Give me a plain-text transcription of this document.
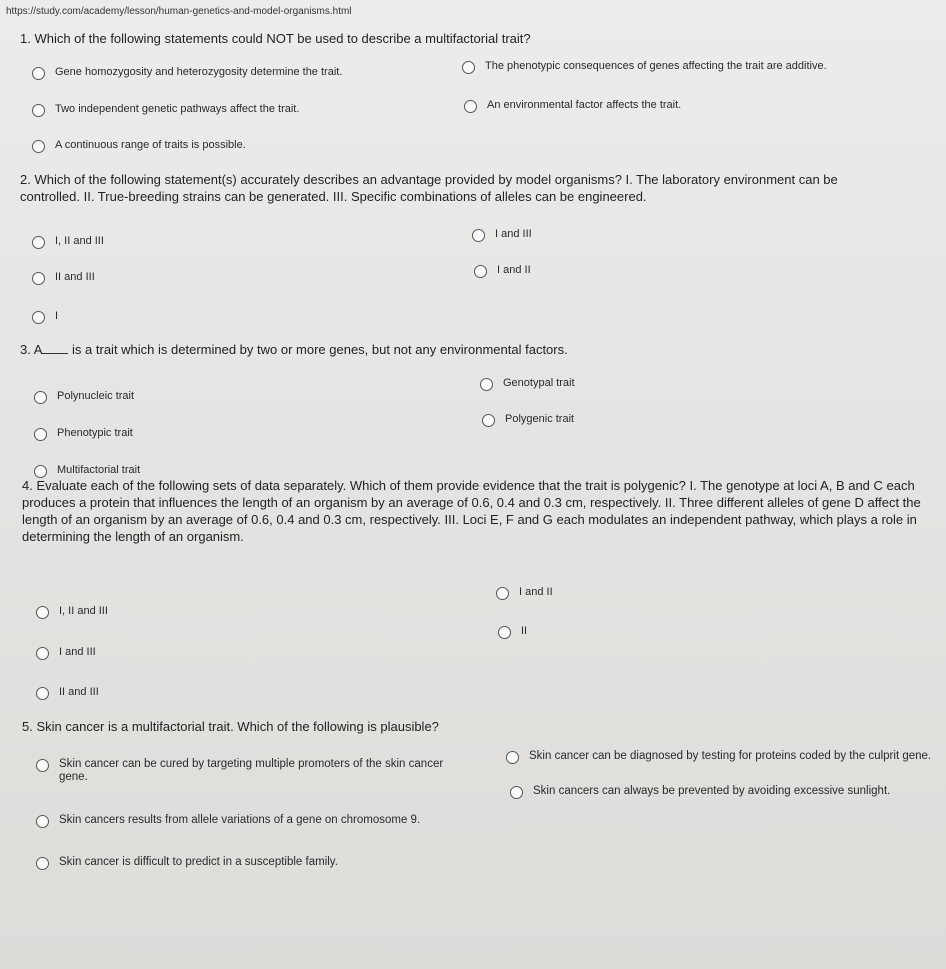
https://study.com/academy/lesson/human-genetics-and-model-organisms.html

1. Which of the following statements could NOT be used to describe a multifactorial trait?

Gene homozygosity and heterozygosity determine the trait.	The phenotypic consequences of genes affecting the trait are additive.
Two independent genetic pathways affect the trait.	An environmental factor affects the trait.
A continuous range of traits is possible.

2. Which of the following statement(s) accurately describes an advantage provided by model organisms? I. The laboratory environment can be controlled. II. True-breeding strains can be generated. III. Specific combinations of alleles can be engineered.

I, II and III
I and III
II and III
I and II
I

3. A is a trait which is determined by two or more genes, but not any environmental factors.

Genotypal trait
Polynucleic trait
Polygenic trait
Phenotypic trait
Multifactorial trait

4. Evaluate each of the following sets of data separately. Which of them provide evidence that the trait is polygenic? I. The genotype at loci A, B and C each produces a protein that influences the length of an organism by an average of 0.6, 0.4 and 0.3 cm, respectively. II. Three different alleles of gene D affect the length of an organism by an average of 0.6, 0.4 and 0.3 cm, respectively. III. Loci E, F and G each modulates an independent pathway, which plays a role in determining the length of an organism.

I and II
I, II and III
II
I and III
II and III

5. Skin cancer is a multifactorial trait. Which of the following is plausible?

Skin cancer can be diagnosed by testing for proteins coded by the culprit gene.
Skin cancer can be cured by targeting multiple promoters of the skin cancer gene.
Skin cancers can always be prevented by avoiding excessive sunlight.
Skin cancers results from allele variations of a gene on chromosome 9.
Skin cancer is difficult to predict in a susceptible family.
